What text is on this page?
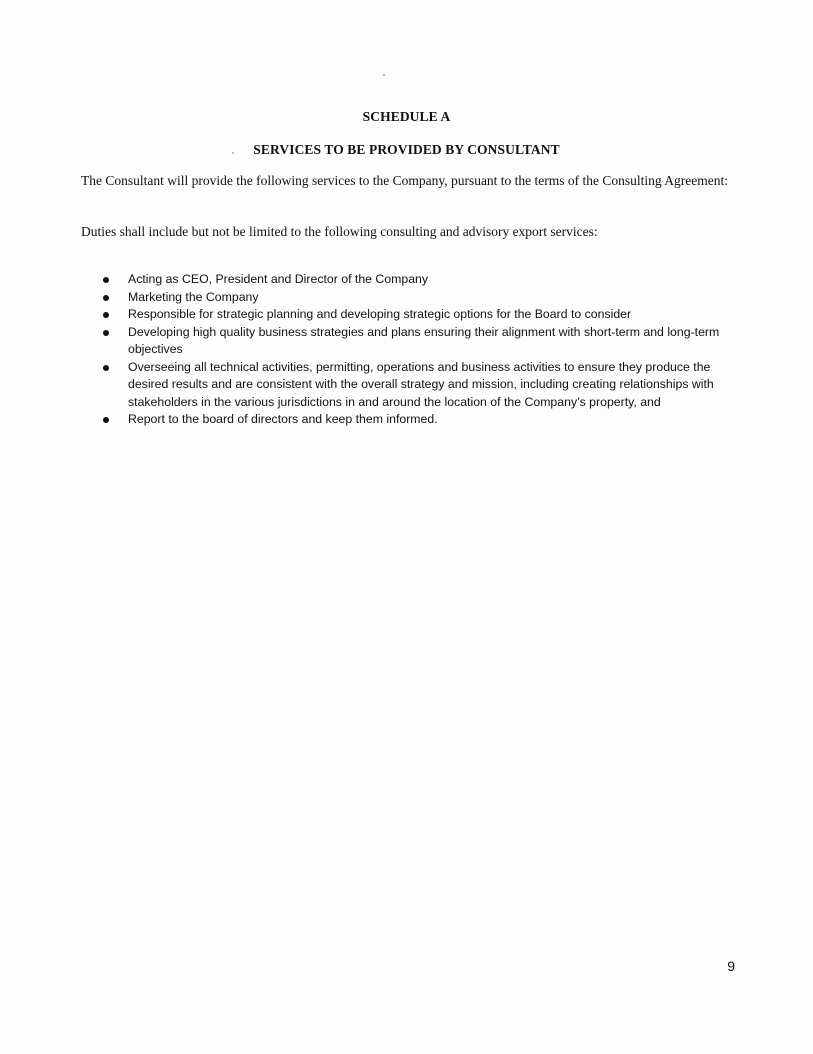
SCHEDULE A
SERVICES TO BE PROVIDED BY CONSULTANT
The Consultant will provide the following services to the Company, pursuant to the terms of the Consulting Agreement:
Duties shall include but not be limited to the following consulting and advisory export services:
Acting as CEO, President and Director of the Company
Marketing the Company
Responsible for strategic planning and developing strategic options for the Board to consider
Developing high quality business strategies and plans ensuring their alignment with short-term and long-term objectives
Overseeing all technical activities, permitting, operations and business activities to ensure they produce the desired results and are consistent with the overall strategy and mission, including creating relationships with stakeholders in the various jurisdictions in and around the location of the Company’s property, and
Report to the board of directors and keep them informed.
9
